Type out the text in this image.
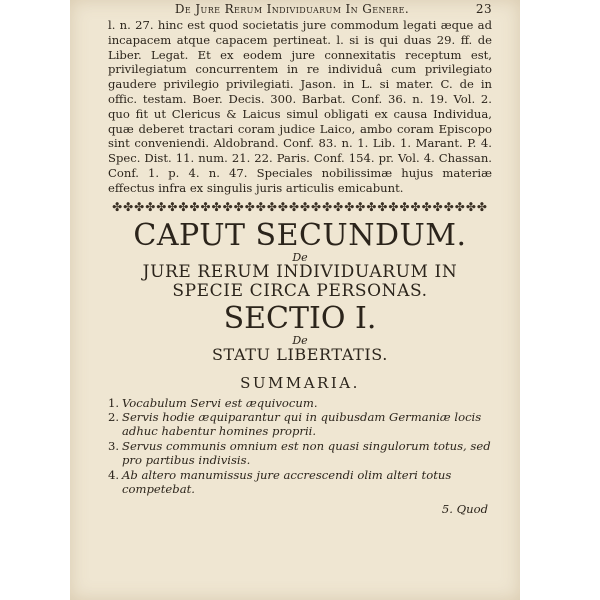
De Jure Rerum Individuarum In Genere.	23

l. n. 27. hinc est quod societatis jure commodum legati æque ad incapacem atque capacem pertineat. l. si is qui duas 29. ff. de Liber. Legat. Et ex eodem jure connexitatis receptum est, privilegiatum concurrentem in re individuâ cum privilegiato gaudere privilegio privilegiati. Jason. in L. si mater. C. de in offic. testam. Boer. Decis. 300. Barbat. Conf. 36. n. 19. Vol. 2. quo fit ut Clericus & Laicus simul obligati ex causa Individua, quæ deberet tractari coram judice Laico, ambo coram Episcopo sint conveniendi. Aldobrand. Conf. 83. n. 1. Lib. 1. Marant. P. 4. Spec. Dist. 11. num. 21. 22. Paris. Conf. 154. pr. Vol. 4. Chassan. Conf. 1. p. 4. n. 47. Speciales nobilissimæ hujus materiæ effectus infra ex singulis juris articulis emicabunt.

✤✤✤✤✤✤✤✤✤✤✤✤✤✤✤✤✤✤✤✤✤✤✤✤✤✤✤✤✤✤✤✤✤✤
CAPUT SECUNDUM.
De
JURE RERUM INDIVIDUARUM IN SPECIE CIRCA PERSONAS.
SECTIO I.
De
STATU LIBERTATIS.
SUMMARIA.
1. Vocabulum Servi est æquivocum.
2. Servis hodie æquiparantur qui in quibusdam Germaniæ locis adhuc habentur homines proprii.
3. Servus communis omnium est non quasi singulorum totus, sed pro partibus indivisis.
4. Ab altero manumissus jure accrescendi olim alteri totus competebat.
5. Quod
